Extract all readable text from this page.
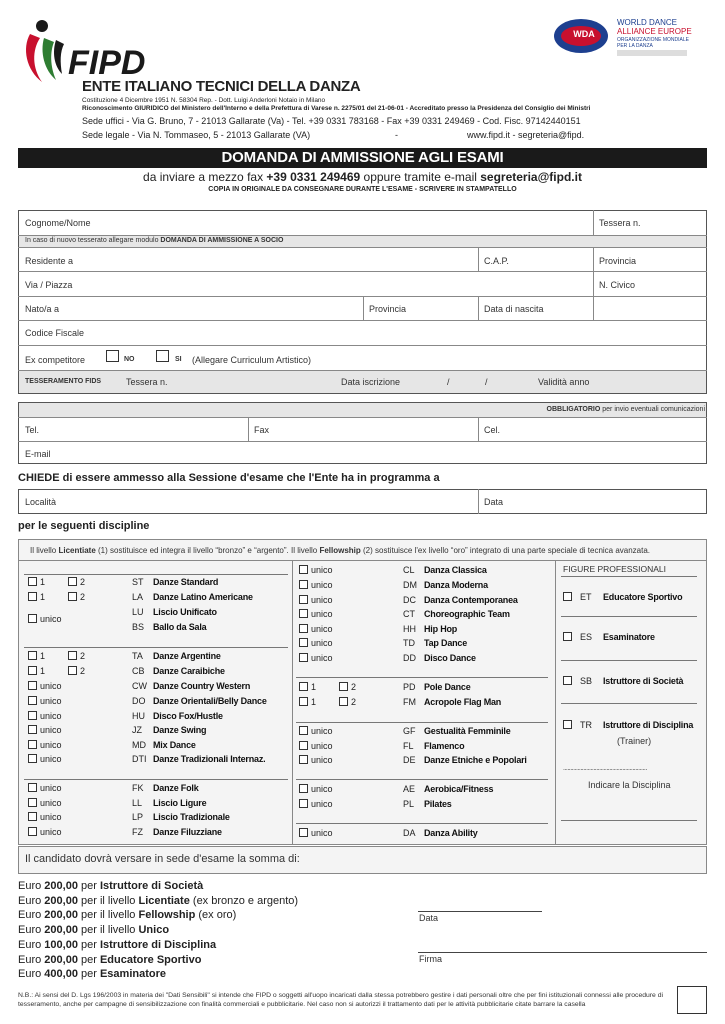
FIPD
WORLD DANCE
ALLIANCE EUROPE
ORGANIZZAZIONE MONDIALE
PER LA DANZA
WDA
ENTE ITALIANO TECNICI DELLA DANZA
Costituzione 4 Dicembre 1951 N. 58304 Rep. - Dott. Luigi Anderloni Notaio in Milano
Riconoscimento GIURIDICO del Ministero dell'Interno e della Prefettura di Varese n. 2275/01 del 21-06-01 - Accreditato presso la Presidenza del Consiglio dei Ministri
Sede uffici - Via G. Bruno, 7 - 21013 Gallarate (Va) - Tel. +39 0331 783168 - Fax +39 0331 249469 - Cod. Fisc. 97142440151
Sede legale - Via N. Tommaseo, 5 - 21013 Gallarate (VA)	-	www.fipd.it - segreteria@fipd.
DOMANDA DI AMMISSIONE AGLI ESAMI
da inviare a mezzo fax +39 0331 249469 oppure tramite e-mail segreteria@fipd.it
COPIA IN ORIGINALE DA CONSEGNARE DURANTE L'ESAME - SCRIVERE IN STAMPATELLO
Cognome/Nome	Tessera n.
In caso di nuovo tesserato allegare modulo DOMANDA DI AMMISSIONE A SOCIO
Residente a	C.A.P.	Provincia
Via / Piazza	N. Civico
Nato/a a	Provincia	Data di nascita
Codice Fiscale
Ex competitore	NO	SI (Allegare Curriculum Artistico)
TESSERAMENTO FIDS	Tessera n.	Data iscrizione	/	/	Validità anno
OBBLIGATORIO per invio eventuali comunicazioni
Tel.	Fax	Cel.
E-mail
CHIEDE di essere ammesso alla Sessione d'esame che l'Ente ha in programma a
Località	Data
per le seguenti discipline
Il livello Licentiate (1) sostituisce ed integra il livello “bronzo” e “argento”. Il livello Fellowship (2) sostituisce l'ex livello “oro” integrato di una parte speciale di tecnica avanzata.
FIGURE PROFESSIONALI
(Trainer)
..........................................................
Indicare la Disciplina
Il candidato dovrà versare in sede d'esame la somma di:
Data
Firma
N.B.: Ai sensi del D. Lgs 196/2003 in materia dei "Dati Sensibili" si intende che FIPD o soggetti all'uopo incaricati dalla stessa potrebbero gestire i dati personali oltre che per fini istituzionali connessi alle procedure di tesseramento, anche per campagne di sensibilizzazione con finalità commerciali e pubblicitarie. Nel caso non si autorizzi il trattamento dati per le attività pubblicitarie citate barrare la casella
1	2	ST Danze Standard
1	2	LA Danze Latino Americane
unico
LU Liscio Unificato
BS Ballo da Sala
1	2	TA Danze Argentine
1	2	CB Danze Caraibiche
unico	CW Danze Country Western
unico	DO Danze Orientali/Belly Dance
unico	HU Disco Fox/Hustle
unico	JZ Danze Swing
unico	MD Mix Dance
unico	DTI Danze Tradizionali Internaz.
unico	FK Danze Folk
unico	LL Liscio Ligure
unico	LP Liscio Tradizionale
unico	FZ Danze Filuzziane
unico	CL Danza Classica
unico	DM Danza Moderna
unico	DC Danza Contemporanea
unico	CT Choreographic Team
unico	HH Hip Hop
unico	TD Tap Dance
unico	DD Disco Dance
1	2	PD Pole Dance
1	2	FM Acropole Flag Man
unico	GF Gestualità Femminile
unico	FL Flamenco
unico	DE Danze Etniche e Popolari
unico	AE Aerobica/Fitness
unico	PL Pilates
unico	DA Danza Ability
ET Educatore Sportivo
ES Esaminatore
SB Istruttore di Società
TR Istruttore di Disciplina
Euro 200,00 per Istruttore di Società
Euro 200,00 per il livello Licentiate (ex bronzo e argento)
Euro 200,00 per il livello Fellowship (ex oro)
Euro 200,00 per il livello Unico
Euro 100,00 per Istruttore di Disciplina
Euro 200,00 per Educatore Sportivo
Euro 400,00 per Esaminatore
